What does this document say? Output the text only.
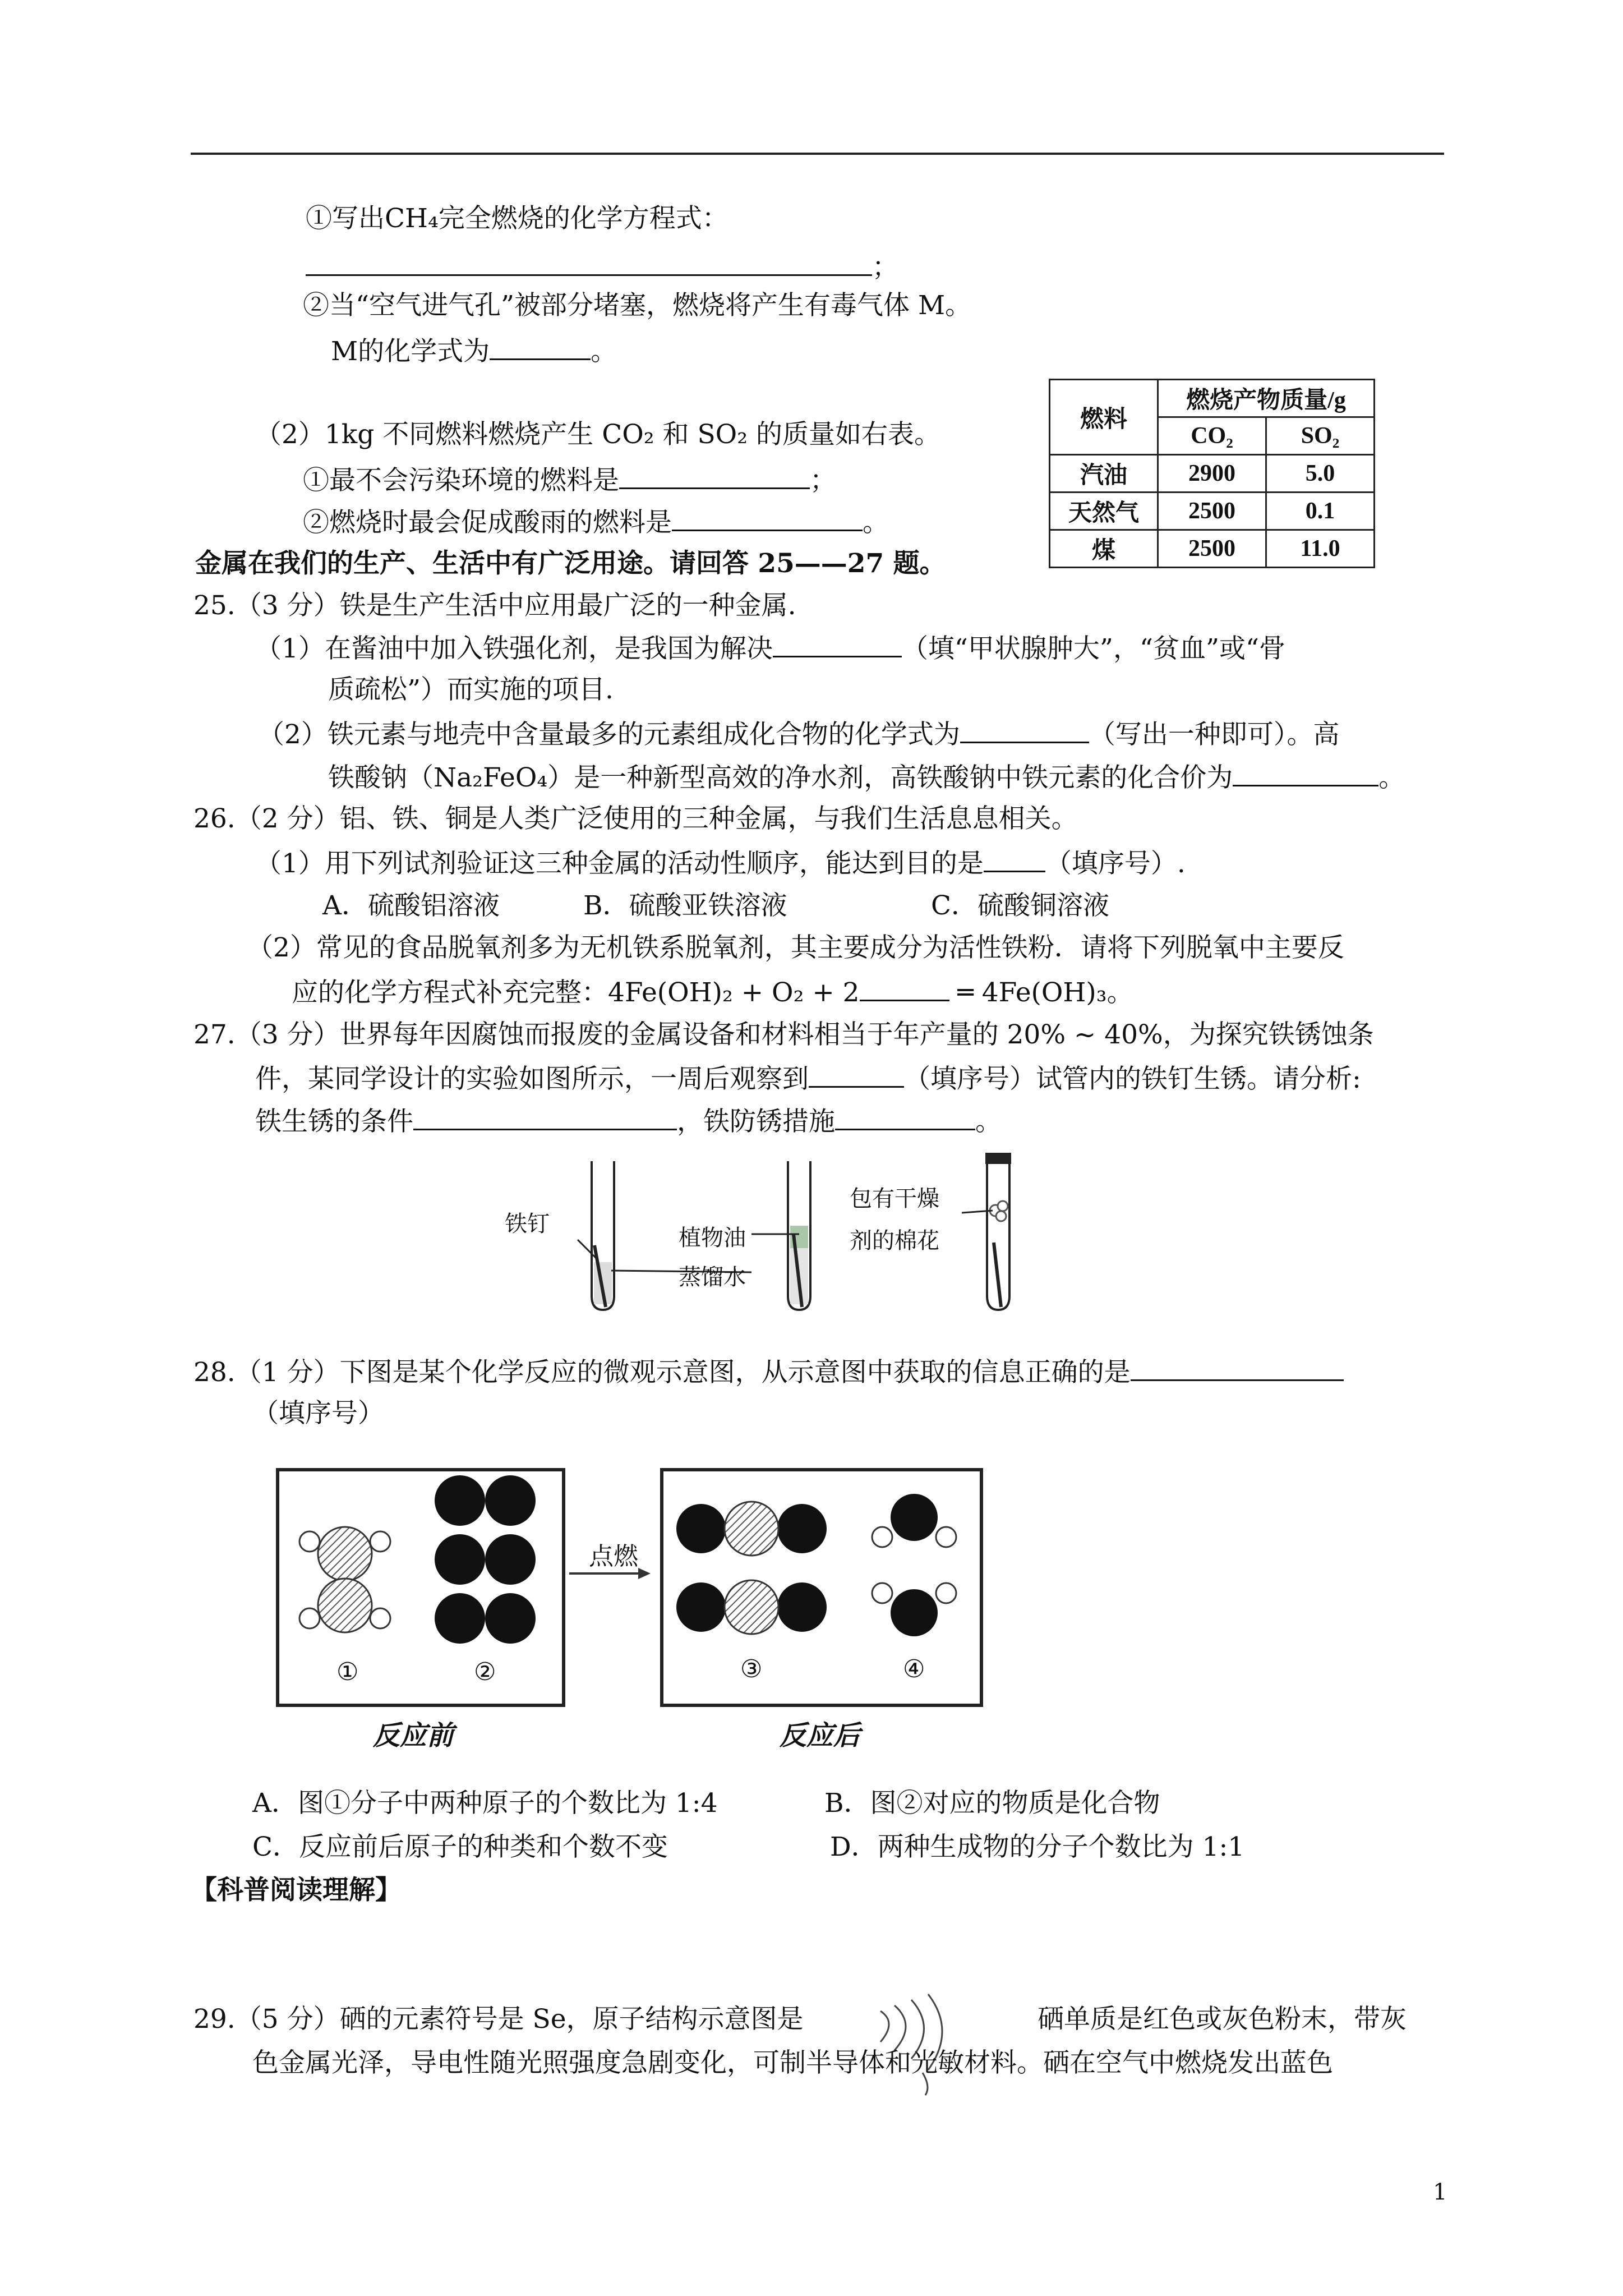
①写出CH₄完全燃烧的化学方程式：
；
②当“空气进气孔”被部分堵塞，燃烧将产生有毒气体 M。
M的化学式为	。
（2）1kg 不同燃料燃烧产生 CO₂ 和 SO₂ 的质量如右表。
①最不会污染环境的燃料是	；
②燃烧时最会促成酸雨的燃料是	。
燃料	燃烧产物质量/g	
	CO₂	SO₂
汽油	2900	5.0
天然气	2500	0.1
煤	2500	11.0
金属在我们的生产、生活中有广泛用途。请回答 25——27 题。
25.（3 分）铁是生产生活中应用最广泛的一种金属.
（1）在酱油中加入铁强化剂，是我国为解决	（填“甲状腺肿大”，“贫血”或“骨
质疏松”）而实施的项目.
（2）铁元素与地壳中含量最多的元素组成化合物的化学式为	（写出一种即可）。高
铁酸钠（Na₂FeO₄）是一种新型高效的净水剂，高铁酸钠中铁元素的化合价为	。
26.（2 分）铝、铁、铜是人类广泛使用的三种金属，与我们生活息息相关。
（1）用下列试剂验证这三种金属的活动性顺序，能达到目的是 （填序号）.
A．硫酸铝溶液	B．硫酸亚铁溶液	C．硫酸铜溶液
（2）常见的食品脱氧剂多为无机铁系脱氧剂，其主要成分为活性铁粉．请将下列脱氧中主要反
应的化学方程式补充完整：4Fe(OH)₂ + O₂ + 2	═ 4Fe(OH)₃。
27.（3 分）世界每年因腐蚀而报废的金属设备和材料相当于年产量的 20% ~ 40%，为探究铁锈蚀条
件，某同学设计的实验如图所示，一周后观察到	（填序号）试管内的铁钉生锈。请分析:
铁生锈的条件	，铁防锈措施	。
铁钉
植物油
蒸馏水
包有干燥
剂的棉花
28.（1 分）下图是某个化学反应的微观示意图，从示意图中获取的信息正确的是
（填序号）
点燃
①	②	③	④
反应前	反应后
A．图①分子中两种原子的个数比为 1:4	B．图②对应的物质是化合物
C．反应前后原子的种类和个数不变	D．两种生成物的分子个数比为 1:1
【科普阅读理解】
29.（5 分）硒的元素符号是 Se，原子结构示意图是	硒单质是红色或灰色粉末，带灰
色金属光泽，导电性随光照强度急剧变化，可制半导体和光敏材料。硒在空气中燃烧发出蓝色
1
